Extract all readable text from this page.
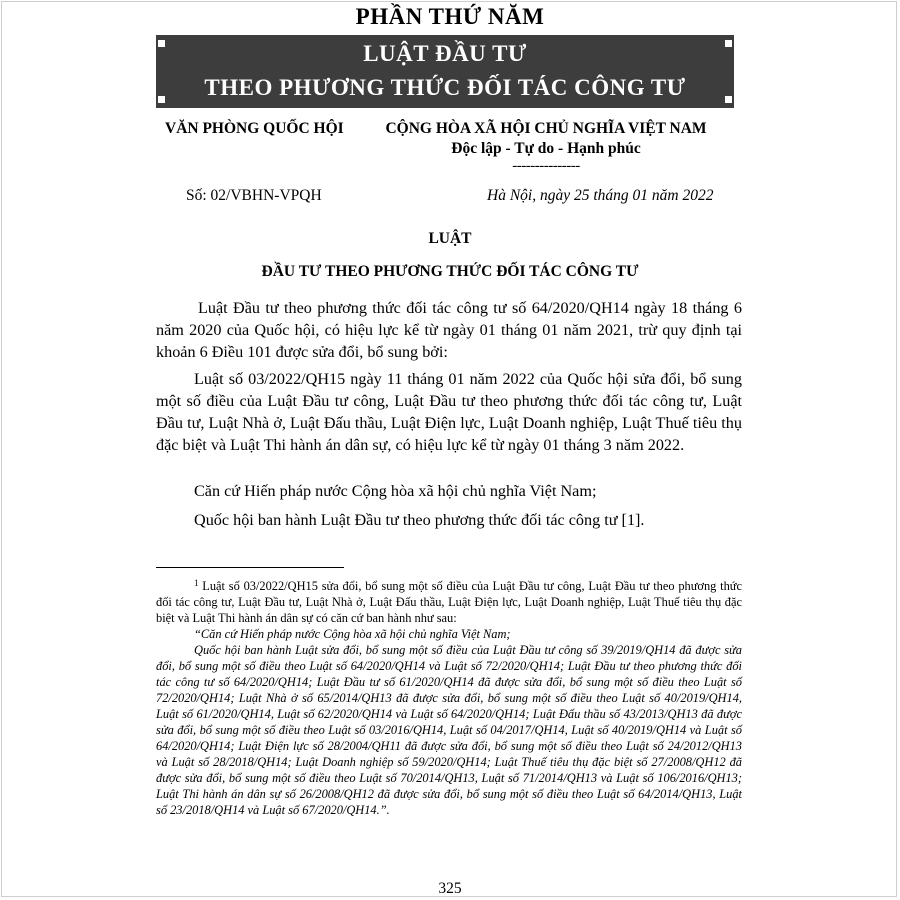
PHẦN THỨ NĂM
LUẬT ĐẦU TƯ
THEO PHƯƠNG THỨC ĐỐI TÁC CÔNG TƯ
VĂN PHÒNG QUỐC HỘI	CỘNG HÒA XÃ HỘI CHỦ NGHĨA VIỆT NAM
Độc lập - Tự do - Hạnh phúc
---------------
Số: 02/VBHN-VPQH	Hà Nội, ngày 25 tháng 01 năm 2022
LUẬT
ĐẦU TƯ THEO PHƯƠNG THỨC ĐỐI TÁC CÔNG TƯ

Luật Đầu tư theo phương thức đối tác công tư số 64/2020/QH14 ngày 18 tháng 6 năm 2020 của Quốc hội, có hiệu lực kể từ ngày 01 tháng 01 năm 2021, trừ quy định tại khoản 6 Điều 101 được sửa đổi, bổ sung bởi:

Luật số 03/2022/QH15 ngày 11 tháng 01 năm 2022 của Quốc hội sửa đổi, bổ sung một số điều của Luật Đầu tư công, Luật Đầu tư theo phương thức đối tác công tư, Luật Đầu tư, Luật Nhà ở, Luật Đấu thầu, Luật Điện lực, Luật Doanh nghiệp, Luật Thuế tiêu thụ đặc biệt và Luật Thi hành án dân sự, có hiệu lực kể từ ngày 01 tháng 3 năm 2022.

Căn cứ Hiến pháp nước Cộng hòa xã hội chủ nghĩa Việt Nam;

Quốc hội ban hành Luật Đầu tư theo phương thức đối tác công tư [1].

$^1$ Luật số 03/2022/QH15 sửa đổi, bổ sung một số điều của Luật Đầu tư công, Luật Đầu tư theo phương thức đối tác công tư, Luật Đầu tư, Luật Nhà ở, Luật Đấu thầu, Luật Điện lực, Luật Doanh nghiệp, Luật Thuế tiêu thụ đặc biệt và Luật Thi hành án dân sự có căn cứ ban hành như sau:

“Căn cứ Hiến pháp nước Cộng hòa xã hội chủ nghĩa Việt Nam;

Quốc hội ban hành Luật sửa đổi, bổ sung một số điều của Luật Đầu tư công số 39/2019/QH14 đã được sửa đổi, bổ sung một số điều theo Luật số 64/2020/QH14 và Luật số 72/2020/QH14; Luật Đầu tư theo phương thức đối tác công tư số 64/2020/QH14; Luật Đầu tư số 61/2020/QH14 đã được sửa đổi, bổ sung một số điều theo Luật số 72/2020/QH14; Luật Nhà ở số 65/2014/QH13 đã được sửa đổi, bổ sung một số điều theo Luật số 40/2019/QH14, Luật số 61/2020/QH14, Luật số 62/2020/QH14 và Luật số 64/2020/QH14; Luật Đấu thầu số 43/2013/QH13 đã được sửa đổi, bổ sung một số điều theo Luật số 03/2016/QH14, Luật số 04/2017/QH14, Luật số 40/2019/QH14 và Luật số 64/2020/QH14; Luật Điện lực số 28/2004/QH11 đã được sửa đổi, bổ sung một số điều theo Luật số 24/2012/QH13 và Luật số 28/2018/QH14; Luật Doanh nghiệp số 59/2020/QH14; Luật Thuế tiêu thụ đặc biệt số 27/2008/QH12 đã được sửa đổi, bổ sung một số điều theo Luật số 70/2014/QH13, Luật số 71/2014/QH13 và Luật số 106/2016/QH13; Luật Thi hành án dân sự số 26/2008/QH12 đã được sửa đổi, bổ sung một số điều theo Luật số 64/2014/QH13, Luật số 23/2018/QH14 và Luật số 67/2020/QH14.”.

325
